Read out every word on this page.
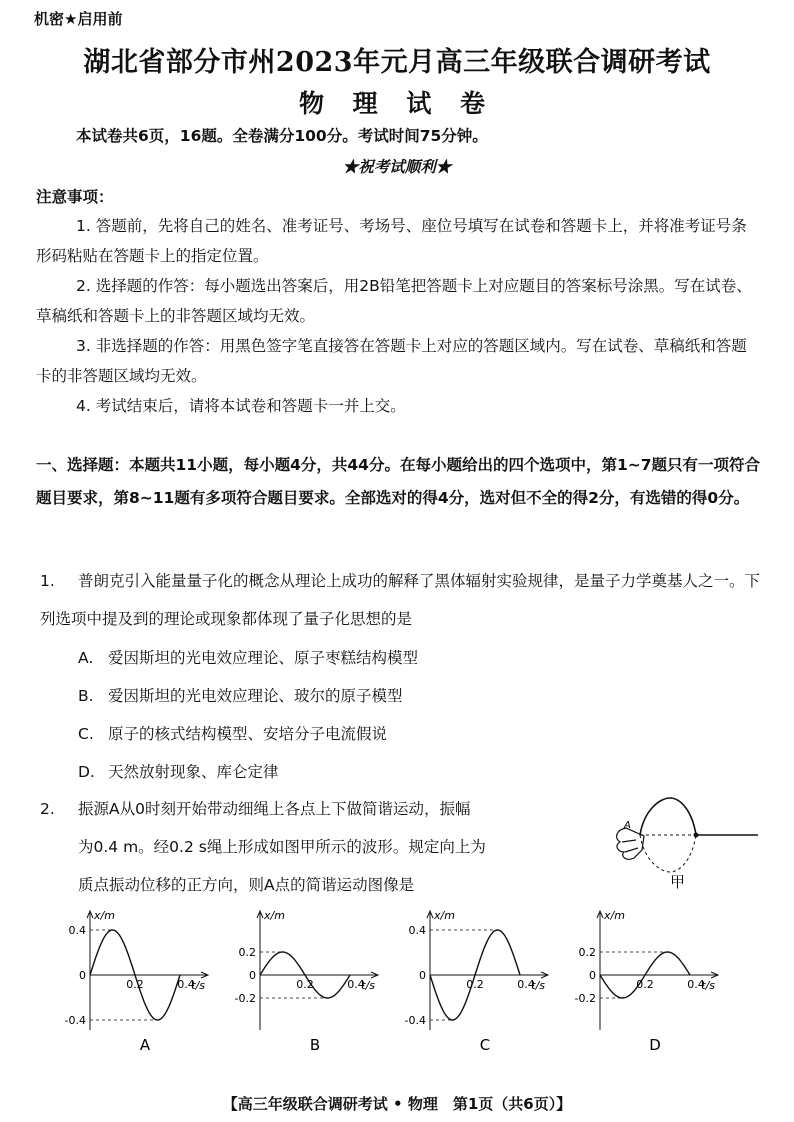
机密★启用前
湖北省部分市州2023年元月高三年级联合调研考试
物 理 试 卷
本试卷共6页，16题。全卷满分100分。考试时间75分钟。
★祝考试顺利★
注意事项：
1. 答题前，先将自己的姓名、准考证号、考场号、座位号填写在试卷和答题卡上，并将准考证号条形码粘贴在答题卡上的指定位置。
2. 选择题的作答：每小题选出答案后，用2B铅笔把答题卡上对应题目的答案标号涂黑。写在试卷、草稿纸和答题卡上的非答题区域均无效。
3. 非选择题的作答：用黑色签字笔直接答在答题卡上对应的答题区域内。写在试卷、草稿纸和答题卡的非答题区域均无效。
4. 考试结束后，请将本试卷和答题卡一并上交。
一、选择题：本题共11小题，每小题4分，共44分。在每小题给出的四个选项中，第1~7题只有一项符合题目要求，第8~11题有多项符合题目要求。全部选对的得4分，选对但不全的得2分，有选错的得0分。
1. 普朗克引入能量量子化的概念从理论上成功的解释了黑体辐射实验规律，是量子力学奠基人之一。下列选项中提及到的理论或现象都体现了量子化思想的是
A. 爱因斯坦的光电效应理论、原子枣糕结构模型
B. 爱因斯坦的光电效应理论、玻尔的原子模型
C. 原子的核式结构模型、安培分子电流假说
D. 天然放射现象、库仑定律
2. 振源A从0时刻开始带动细绳上各点上下做简谐运动，振幅
为0.4 m。经0.2 s绳上形成如图甲所示的波形。规定向上为
质点振动位移的正方向，则A点的简谐运动图像是
A
甲
x/m
0.4
0
-0.4
0.2	0.4
t/s
A
x/m
0.2
0
-0.2
0.2	0.4
t/s
B
x/m
0.4
0
-0.4
0.2	0.4
t/s
C
x/m
0.2
0
-0.2
0.2	0.4
t/s
D
【高三年级联合调研考试 • 物理　第1页（共6页）】
